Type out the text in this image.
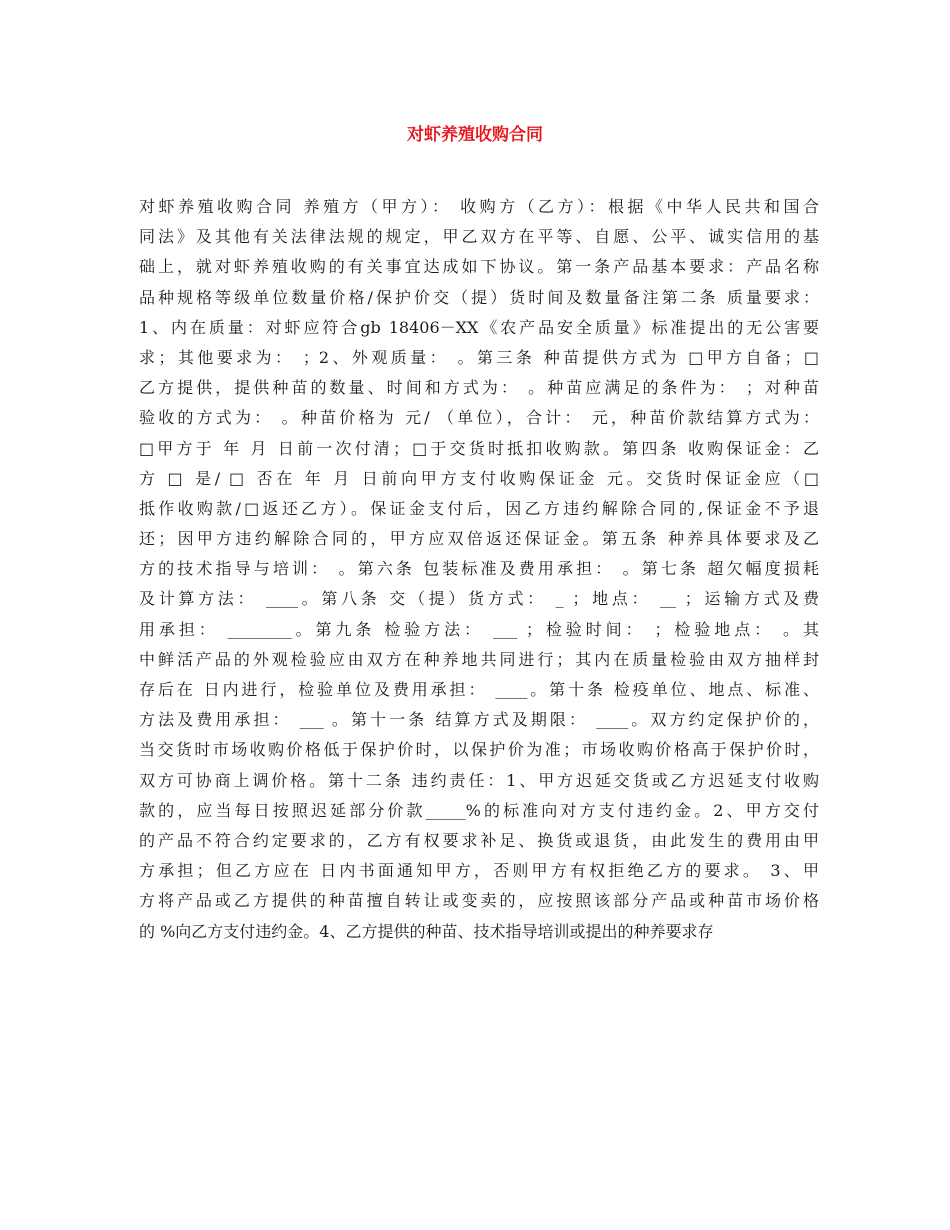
对虾养殖收购合同
对虾养殖收购合同 养殖方（甲方）： 收购方（乙方）：根据《中华人民共和国合
同法》及其他有关法律法规的规定，甲乙双方在平等、自愿、公平、诚实信用的基
础上，就对虾养殖收购的有关事宜达成如下协议。第一条产品基本要求：产品名称
品种规格等级单位数量价格/保护价交（提）货时间及数量备注第二条 质量要求：
1、内在质量：对虾应符合gb 18406－XX《农产品安全质量》标准提出的无公害要
求；其他要求为： ；2、外观质量： 。第三条 种苗提供方式为 □甲方自备；□
乙方提供，提供种苗的数量、时间和方式为： 。种苗应满足的条件为： ；对种苗
验收的方式为： 。种苗价格为 元/ （单位），合计： 元，种苗价款结算方式为：
□甲方于 年 月 日前一次付清；□于交货时抵扣收购款。第四条 收购保证金：乙
方 □ 是/ □ 否在 年 月 日前向甲方支付收购保证金 元。交货时保证金应（□
抵作收购款/□返还乙方）。保证金支付后，因乙方违约解除合同的,保证金不予退
还；因甲方违约解除合同的，甲方应双倍返还保证金。第五条 种养具体要求及乙
方的技术指导与培训： 。第六条 包装标准及费用承担： 。第七条 超欠幅度损耗
及计算方法： ____。第八条 交（提）货方式： _ ；地点： __ ；运输方式及费
用承担： ________。第九条 检验方法： ___ ；检验时间： ；检验地点： 。其
中鲜活产品的外观检验应由双方在种养地共同进行；其内在质量检验由双方抽样封
存后在 日内进行，检验单位及费用承担： ____。第十条 检疫单位、地点、标准、
方法及费用承担： ___ 。第十一条 结算方式及期限： ____。双方约定保护价的，
当交货时市场收购价格低于保护价时，以保护价为准；市场收购价格高于保护价时，
双方可协商上调价格。第十二条 违约责任：1、甲方迟延交货或乙方迟延支付收购
款的，应当每日按照迟延部分价款_____%的标准向对方支付违约金。2、甲方交付
的产品不符合约定要求的，乙方有权要求补足、换货或退货，由此发生的费用由甲
方承担；但乙方应在 日内书面通知甲方，否则甲方有权拒绝乙方的要求。 3、甲
方将产品或乙方提供的种苗擅自转让或变卖的，应按照该部分产品或种苗市场价格
的 %向乙方支付违约金。4、乙方提供的种苗、技术指导培训或提出的种养要求存
